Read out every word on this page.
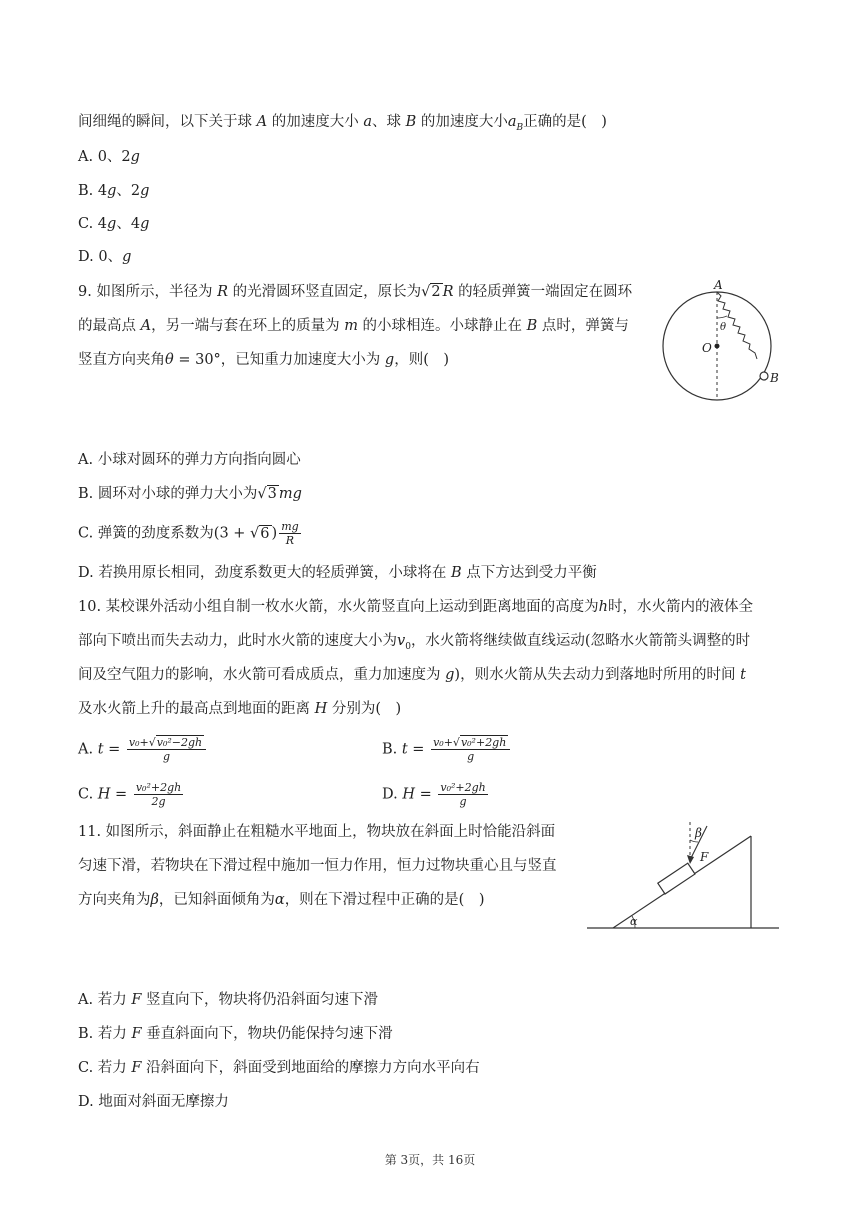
间细绳的瞬间，以下关于球 A 的加速度大小 a、球 B 的加速度大小$a_B$正确的是(　)
A. 0、2g
B. 4g、2g
C. 4g、4g
D. 0、g
9. 如图所示，半径为 R 的光滑圆环竖直固定，原长为√2 R 的轻质弹簧一端固定在圆环
的最高点 A，另一端与套在环上的质量为 m 的小球相连。小球静止在 B 点时，弹簧与
竖直方向夹角θ = 30°，已知重力加速度大小为 g，则(　)
A
θ
O
B
A. 小球对圆环的弹力方向指向圆心
B. 圆环对小球的弹力大小为√3 mg
C. 弹簧的劲度系数为(3 + √6 ) $\frac{mg}{R}$
D. 若换用原长相同，劲度系数更大的轻质弹簧，小球将在 B 点下方达到受力平衡
10. 某校课外活动小组自制一枚水火箭，水火箭竖直向上运动到距离地面的高度为h时，水火箭内的液体全
部向下喷出而失去动力，此时水火箭的速度大小为$v_0$，水火箭将继续做直线运动(忽略水火箭箭头调整的时
间及空气阻力的影响，水火箭可看成质点，重力加速度为 g)，则水火箭从失去动力到落地时所用的时间 t
及水火箭上升的最高点到地面的距离 H 分别为(　)
A. $t = \frac{\text{v₀+√v₀²−2gh}}{g}$	B. $t = \frac{\text{v₀+√v₀²+2gh}}{g}$
C. $H = \frac{\text{v₀²+2gh}}{2g}$	D. $H = \frac{\text{v₀²+2gh}}{g}$
11. 如图所示，斜面静止在粗糙水平地面上，物块放在斜面上时恰能沿斜面
匀速下滑，若物块在下滑过程中施加一恒力作用，恒力过物块重心且与竖直
方向夹角为β，已知斜面倾角为α，则在下滑过程中正确的是(　)
β
F
α
A. 若力 F 竖直向下，物块将仍沿斜面匀速下滑
B. 若力 F 垂直斜面向下，物块仍能保持匀速下滑
C. 若力 F 沿斜面向下，斜面受到地面给的摩擦力方向水平向右
D. 地面对斜面无摩擦力
第 3页，共 16页
